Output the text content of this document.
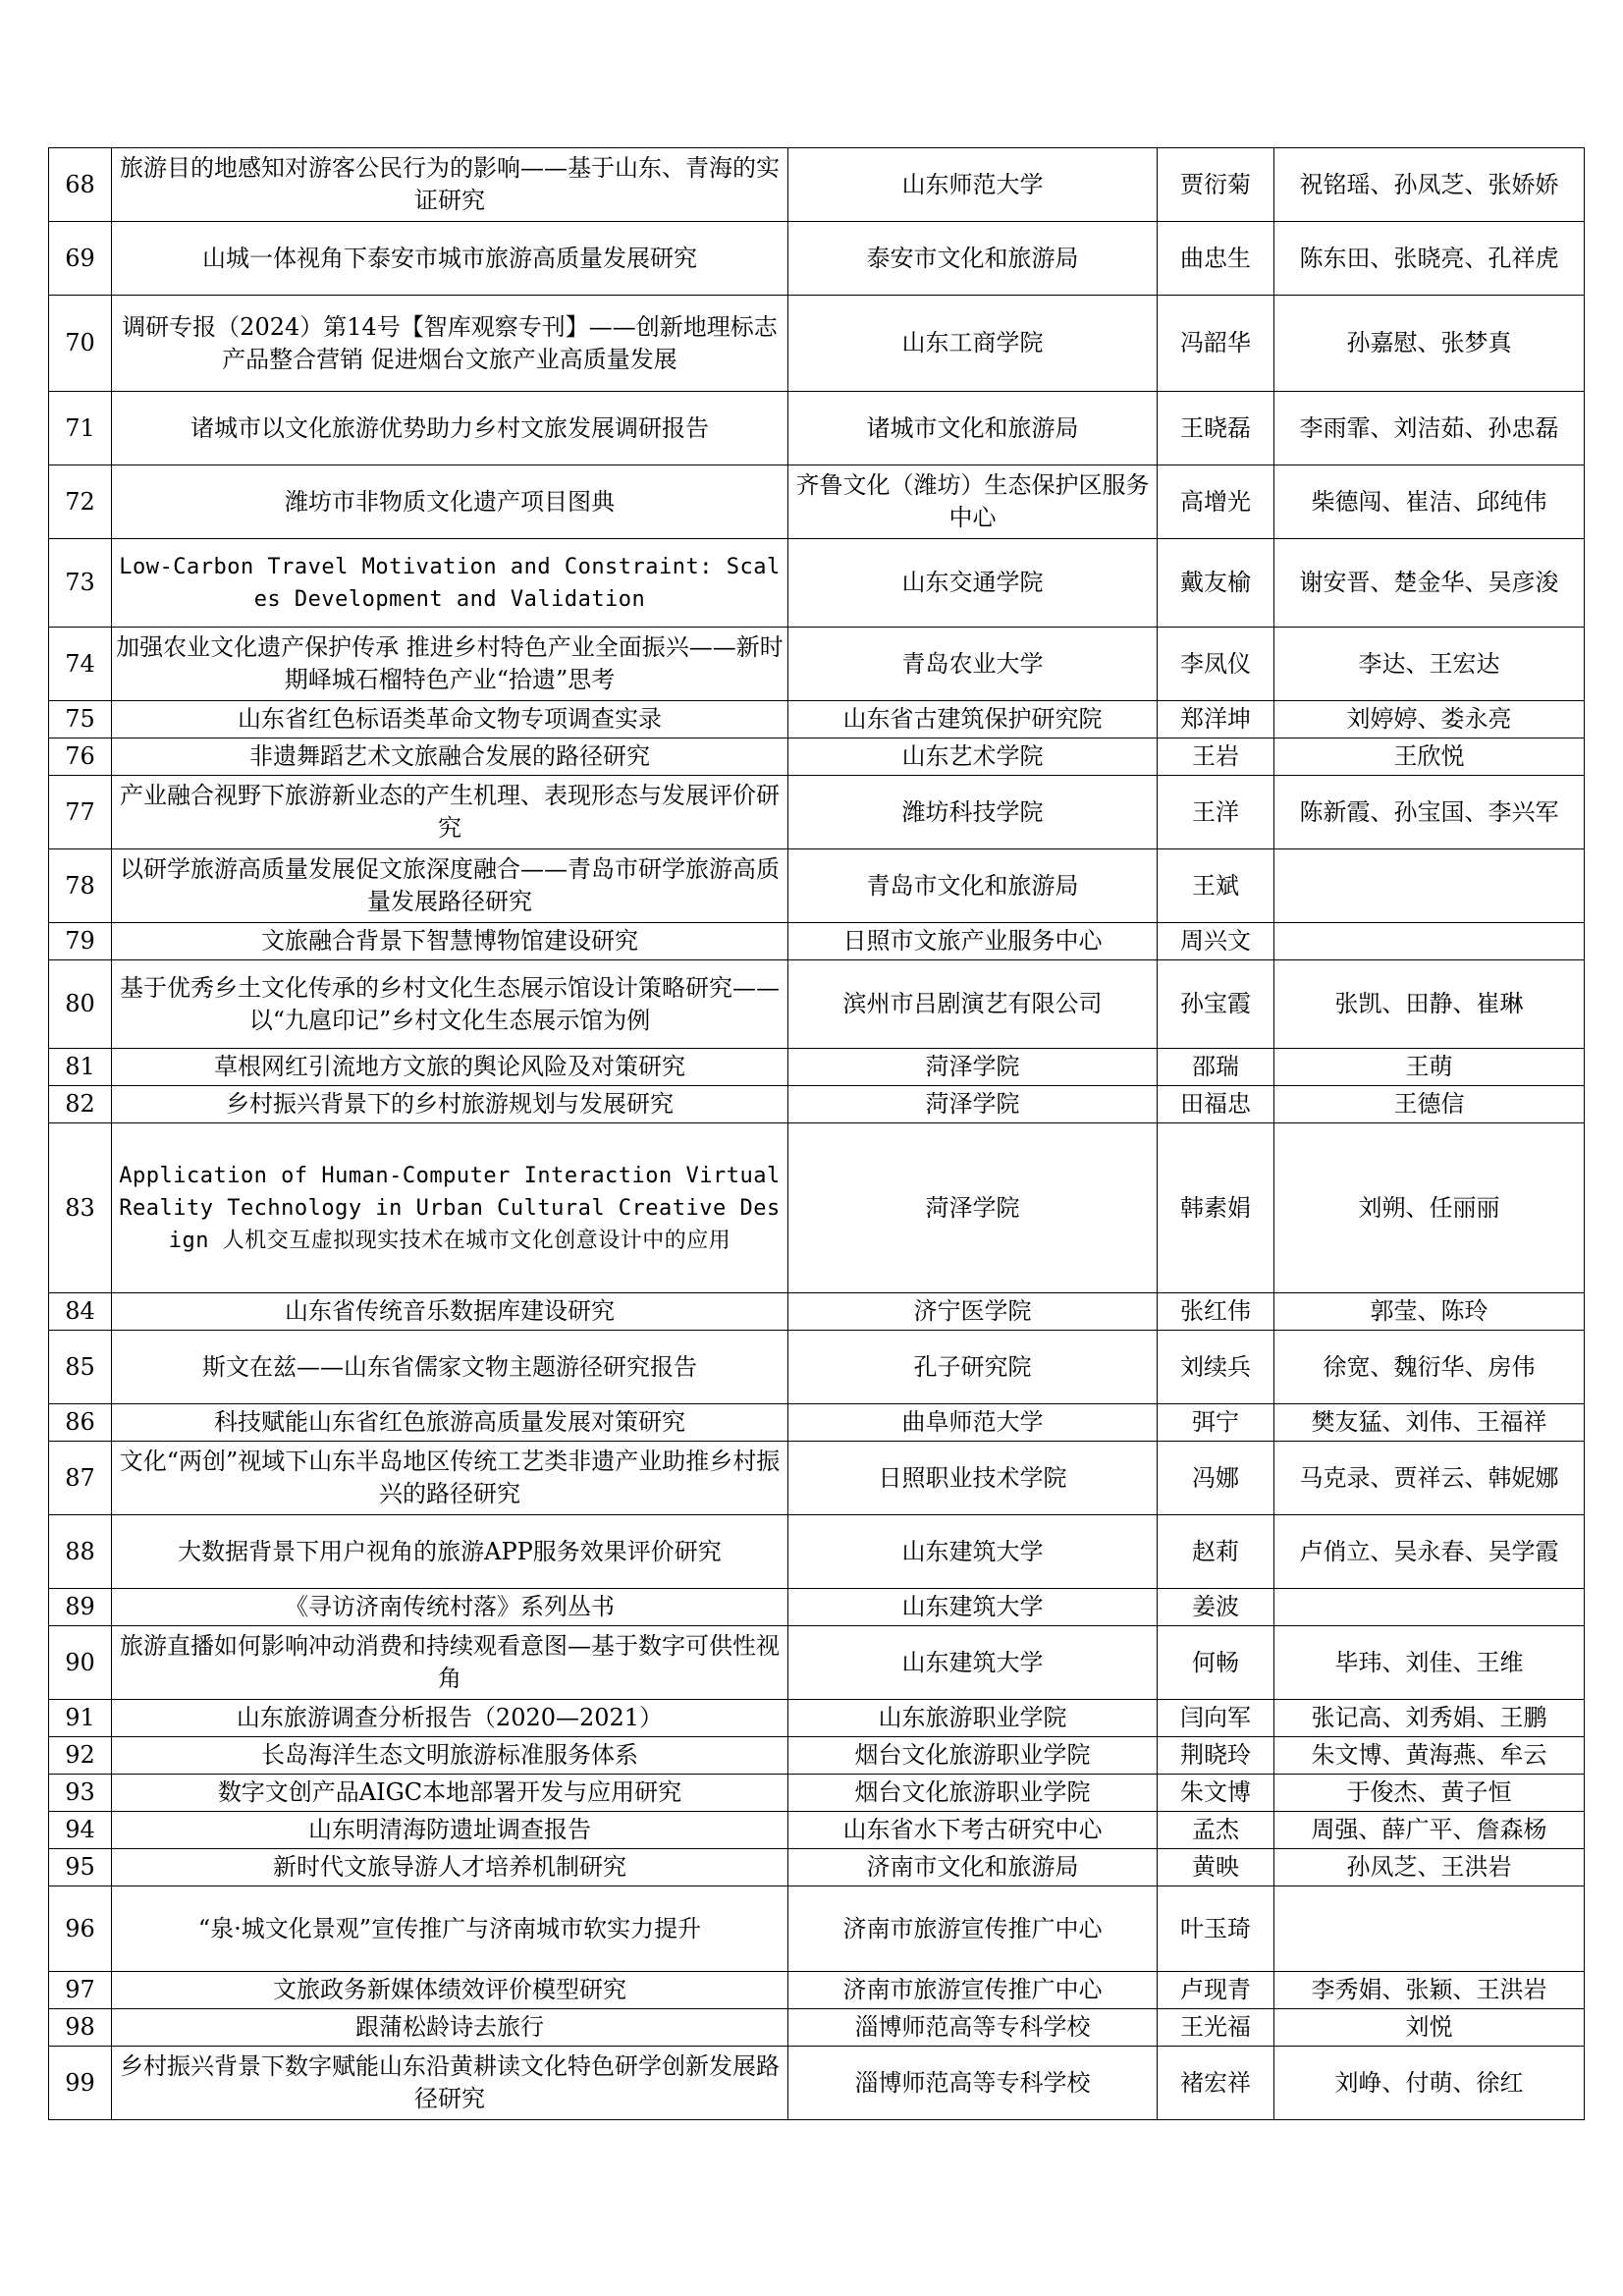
68	旅游目的地感知对游客公民行为的影响——基于山东、青海的实证研究	山东师范大学	贾衍菊	祝铭瑶、孙凤芝、张娇娇
69	山城一体视角下泰安市城市旅游高质量发展研究	泰安市文化和旅游局	曲忠生	陈东田、张晓亮、孔祥虎
70	调研专报（2024）第14号【智库观察专刊】——创新地理标志产品整合营销 促进烟台文旅产业高质量发展	山东工商学院	冯韶华	孙嘉慰、张梦真
71	诸城市以文化旅游优势助力乡村文旅发展调研报告	诸城市文化和旅游局	王晓磊	李雨霏、刘洁茹、孙忠磊
72	潍坊市非物质文化遗产项目图典	齐鲁文化（潍坊）生态保护区服务中心	高增光	柴德闯、崔洁、邱纯伟
73	Low-Carbon Travel Motivation and Constraint: Scales Development and Validation	山东交通学院	戴友榆	谢安晋、楚金华、吴彦浚
74	加强农业文化遗产保护传承 推进乡村特色产业全面振兴——新时期峄城石榴特色产业“拾遗”思考	青岛农业大学	李凤仪	李达、王宏达
75	山东省红色标语类革命文物专项调查实录	山东省古建筑保护研究院	郑洋坤	刘婷婷、娄永亮
76	非遗舞蹈艺术文旅融合发展的路径研究	山东艺术学院	王岩	王欣悦
77	产业融合视野下旅游新业态的产生机理、表现形态与发展评价研究	潍坊科技学院	王洋	陈新霞、孙宝国、李兴军
78	以研学旅游高质量发展促文旅深度融合——青岛市研学旅游高质量发展路径研究	青岛市文化和旅游局	王斌	
79	文旅融合背景下智慧博物馆建设研究	日照市文旅产业服务中心	周兴文	
80	基于优秀乡土文化传承的乡村文化生态展示馆设计策略研究——以“九扈印记”乡村文化生态展示馆为例	滨州市吕剧演艺有限公司	孙宝霞	张凯、田静、崔琳
81	草根网红引流地方文旅的舆论风险及对策研究	菏泽学院	邵瑞	王萌
82	乡村振兴背景下的乡村旅游规划与发展研究	菏泽学院	田福忠	王德信
83	Application of Human-Computer Interaction Virtual Reality Technology in Urban Cultural Creative Design 人机交互虚拟现实技术在城市文化创意设计中的应用	菏泽学院	韩素娟	刘朔、任丽丽
84	山东省传统音乐数据库建设研究	济宁医学院	张红伟	郭莹、陈玲
85	斯文在兹——山东省儒家文物主题游径研究报告	孔子研究院	刘续兵	徐宽、魏衍华、房伟
86	科技赋能山东省红色旅游高质量发展对策研究	曲阜师范大学	弭宁	樊友猛、刘伟、王福祥
87	文化“两创”视域下山东半岛地区传统工艺类非遗产业助推乡村振兴的路径研究	日照职业技术学院	冯娜	马克录、贾祥云、韩妮娜
88	大数据背景下用户视角的旅游APP服务效果评价研究	山东建筑大学	赵莉	卢俏立、吴永春、吴学霞
89	《寻访济南传统村落》系列丛书	山东建筑大学	姜波	
90	旅游直播如何影响冲动消费和持续观看意图—基于数字可供性视角	山东建筑大学	何畅	毕玮、刘佳、王维
91	山东旅游调查分析报告（2020—2021）	山东旅游职业学院	闫向军	张记高、刘秀娟、王鹏
92	长岛海洋生态文明旅游标准服务体系	烟台文化旅游职业学院	荆晓玲	朱文博、黄海燕、牟云
93	数字文创产品AIGC本地部署开发与应用研究	烟台文化旅游职业学院	朱文博	于俊杰、黄子恒
94	山东明清海防遗址调查报告	山东省水下考古研究中心	孟杰	周强、薛广平、詹森杨
95	新时代文旅导游人才培养机制研究	济南市文化和旅游局	黄映	孙凤芝、王洪岩
96	“泉·城文化景观”宣传推广与济南城市软实力提升	济南市旅游宣传推广中心	叶玉琦	
97	文旅政务新媒体绩效评价模型研究	济南市旅游宣传推广中心	卢现青	李秀娟、张颖、王洪岩
98	跟蒲松龄诗去旅行	淄博师范高等专科学校	王光福	刘悦
99	乡村振兴背景下数字赋能山东沿黄耕读文化特色研学创新发展路径研究	淄博师范高等专科学校	褚宏祥	刘峥、付萌、徐红
